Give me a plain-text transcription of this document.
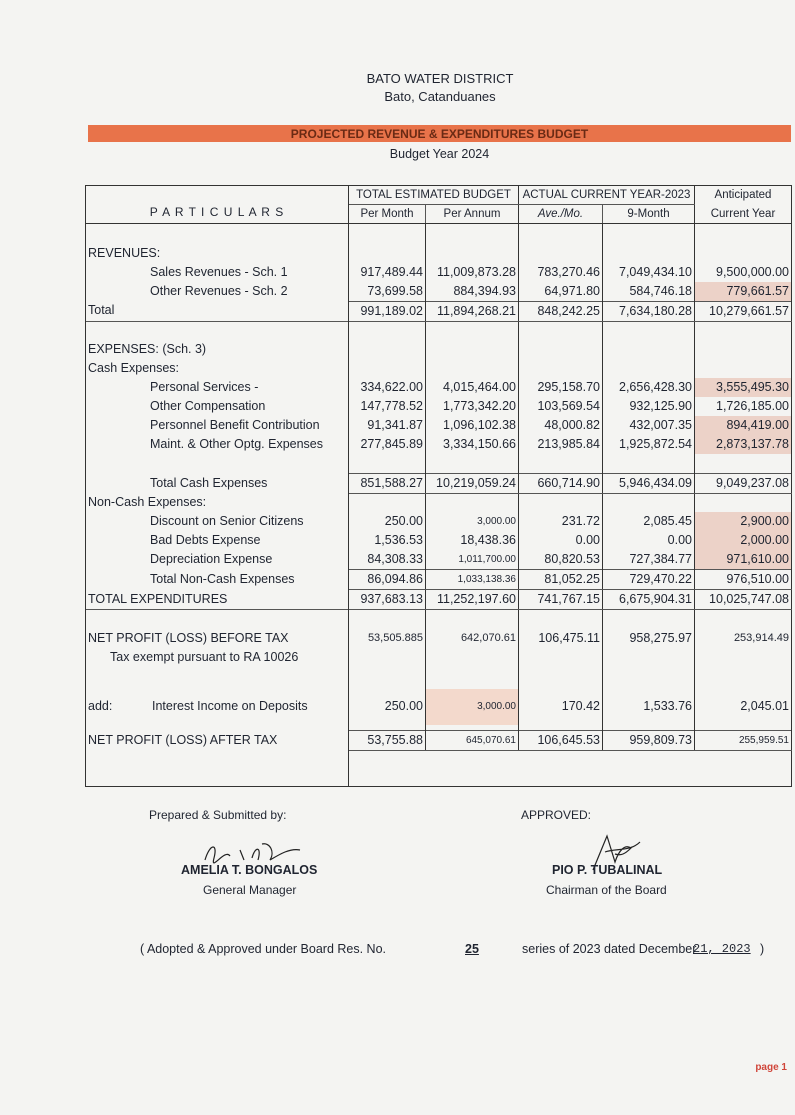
BATO WATER DISTRICT
Bato, Catanduanes
PROJECTED REVENUE & EXPENDITURES BUDGET
Budget Year 2024
P A R T I C U L A R S	TOTAL ESTIMATED BUDGET		ACTUAL CURRENT YEAR-2023		Anticipated
	Per Month	Per Annum	Ave./Mo.	9-Month	Current Year

REVENUES:					
Sales Revenues - Sch. 1	917,489.44	11,009,873.28	783,270.46	7,049,434.10	9,500,000.00
Other Revenues - Sch. 2	73,699.58	884,394.93	64,971.80	584,746.18	779,661.57
Total	991,189.02	11,894,268.21	848,242.25	7,634,180.28	10,279,661.57

EXPENSES: (Sch. 3)					
Cash Expenses:					
Personal Services -	334,622.00	4,015,464.00	295,158.70	2,656,428.30	3,555,495.30
Other Compensation	147,778.52	1,773,342.20	103,569.54	932,125.90	1,726,185.00
Personnel Benefit Contribution	91,341.87	1,096,102.38	48,000.82	432,007.35	894,419.00
Maint. & Other Optg. Expenses	277,845.89	3,334,150.66	213,985.84	1,925,872.54	2,873,137.78

Total Cash Expenses	851,588.27	10,219,059.24	660,714.90	5,946,434.09	9,049,237.08
Non-Cash Expenses:					
Discount on Senior Citizens	250.00	3,000.00	231.72	2,085.45	2,900.00
Bad Debts Expense	1,536.53	18,438.36	0.00	0.00	2,000.00
Depreciation Expense	84,308.33	1,011,700.00	80,820.53	727,384.77	971,610.00
Total Non-Cash Expenses	86,094.86	1,033,138.36	81,052.25	729,470.22	976,510.00
TOTAL EXPENDITURES	937,683.13	11,252,197.60	741,767.15	6,675,904.31	10,025,747.08

NET PROFIT (LOSS) BEFORE TAX	53,505.885	642,070.61	106,475.11	958,275.97	253,914.49
Tax exempt pursuant to RA 10026					

add: Interest Income on Deposits	250.00	3,000.00	170.42	1,533.76	2,045.01

NET PROFIT (LOSS) AFTER TAX	53,755.88	645,070.61	106,645.53	959,809.73	255,959.51

Prepared & Submitted by:
AMELIA T. BONGALOS
General Manager
APPROVED:
PIO P. TUBALINAL
Chairman of the Board
( Adopted & Approved under Board Res. No.	25	series of 2023 dated December
21, 2023 )
page 1
